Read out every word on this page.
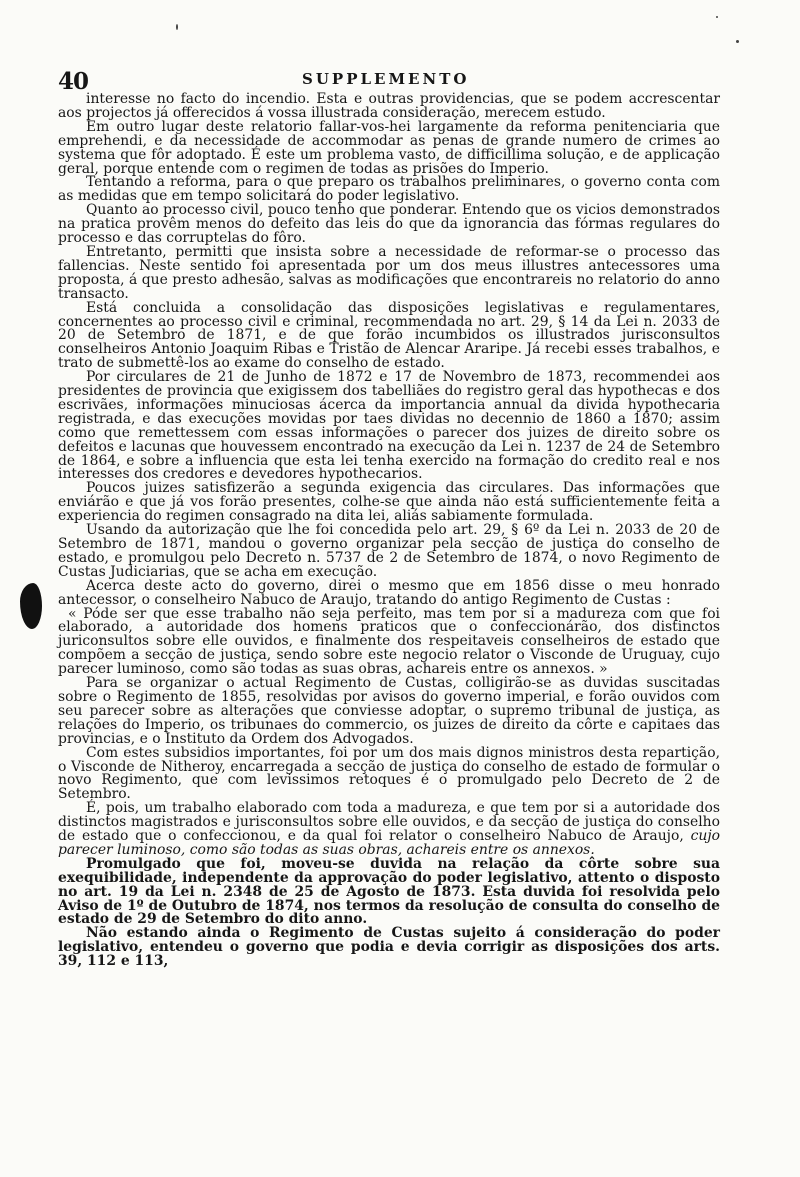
40	SUPPLEMENTO

interesse no facto do incendio. Esta e outras providencias, que se podem accrescentar aos projectos já offerecidos á vossa illustrada consideração, merecem estudo.

Em outro lugar deste relatorio fallar-vos-hei largamente da reforma penitenciaria que emprehendi, e da necessidade de accommodar as penas de grande numero de crimes ao systema que fôr adoptado. É este um problema vasto, de difficillima solução, e de applicação geral, porque entende com o regimen de todas as prisões do Imperio.

Tentando a reforma, para o que preparo os trabalhos preliminares, o governo conta com as medidas que em tempo solicitará do poder legislativo.

Quanto ao processo civil, pouco tenho que ponderar. Entendo que os vicios demonstrados na pratica provêm menos do defeito das leis do que da ignorancia das fórmas regulares do processo e das corruptelas do fôro.

Entretanto, permitti que insista sobre a necessidade de reformar-se o processo das fallencias. Neste sentido foi apresentada por um dos meus illustres antecessores uma proposta, á que presto adhesão, salvas as modificações que encontrareis no relatorio do anno transacto.

Está concluida a consolidação das disposições legislativas e regulamentares, concernentes ao processo civil e criminal, recommendada no art. 29, § 14 da Lei n. 2033 de 20 de Setembro de 1871, e de que forão incumbidos os illustrados jurisconsultos conselheiros Antonio Joaquim Ribas e Tristão de Alencar Araripe. Já recebi esses trabalhos, e trato de submettê-los ao exame do conselho de estado.

Por circulares de 21 de Junho de 1872 e 17 de Novembro de 1873, recommendei aos presidentes de provincia que exigissem dos tabelliães do registro geral das hypothecas e dos escrivães, informações minuciosas ácerca da importancia annual da divida hypothecaria registrada, e das execuções movidas por taes dividas no decennio de 1860 a 1870; assim como que remettessem com essas informações o parecer dos juizes de direito sobre os defeitos e lacunas que houvessem encontrado na execução da Lei n. 1237 de 24 de Setembro de 1864, e sobre a influencia que esta lei tenha exercido na formação do credito real e nos interesses dos credores e devedores hypothecarios.

Poucos juizes satisfizerão a segunda exigencia das circulares. Das informações que enviárão e que já vos forão presentes, colhe-se que ainda não está sufficientemente feita a experiencia do regimen consagrado na dita lei, aliás sabiamente formulada.

Usando da autorização que lhe foi concedida pelo art. 29, § 6º da Lei n. 2033 de 20 de Setembro de 1871, mandou o governo organizar pela secção de justiça do conselho de estado, e promulgou pelo Decreto n. 5737 de 2 de Setembro de 1874, o novo Regimento de Custas Judiciarias, que se acha em execução.

Acerca deste acto do governo, direi o mesmo que em 1856 disse o meu honrado antecessor, o conselheiro Nabuco de Araujo, tratando do antigo Regimento de Custas :

« Póde ser que esse trabalho não seja perfeito, mas tem por si a madureza com que foi elaborado, a autoridade dos homens praticos que o confeccionárão, dos distinctos juriconsultos sobre elle ouvidos, e finalmente dos respeitaveis conselheiros de estado que compõem a secção de justiça, sendo sobre este negocio relator o Visconde de Uruguay, cujo parecer luminoso, como são todas as suas obras, achareis entre os annexos. »

Para se organizar o actual Regimento de Custas, colligirão-se as duvidas suscitadas sobre o Regimento de 1855, resolvidas por avisos do governo imperial, e forão ouvidos com seu parecer sobre as alterações que conviesse adoptar, o supremo tribunal de justiça, as relações do Imperio, os tribunaes do commercio, os juizes de direito da côrte e capitaes das provincias, e o Instituto da Ordem dos Advogados.

Com estes subsidios importantes, foi por um dos mais dignos ministros desta repartição, o Visconde de Nitheroy, encarregada a secção de justiça do conselho de estado de formular o novo Regimento, que com levissimos retoques é o promulgado pelo Decreto de 2 de Setembro.

É, pois, um trabalho elaborado com toda a madureza, e que tem por si a autoridade dos distinctos magistrados e jurisconsultos sobre elle ouvidos, e da secção de justiça do conselho de estado que o confeccionou, e da qual foi relator o conselheiro Nabuco de Araujo, cujo parecer luminoso, como são todas as suas obras, achareis entre os annexos.

Promulgado que foi, moveu-se duvida na relação da côrte sobre sua exequibilidade, independente da approvação do poder legislativo, attento o disposto no art. 19 da Lei n. 2348 de 25 de Agosto de 1873. Esta duvida foi resolvida pelo Aviso de 1º de Outubro de 1874, nos termos da resolução de consulta do conselho de estado de 29 de Setembro do dito anno.

Não estando ainda o Regimento de Custas sujeito á consideração do poder legislativo, entendeu o governo que podia e devia corrigir as disposições dos arts. 39, 112 e 113,
